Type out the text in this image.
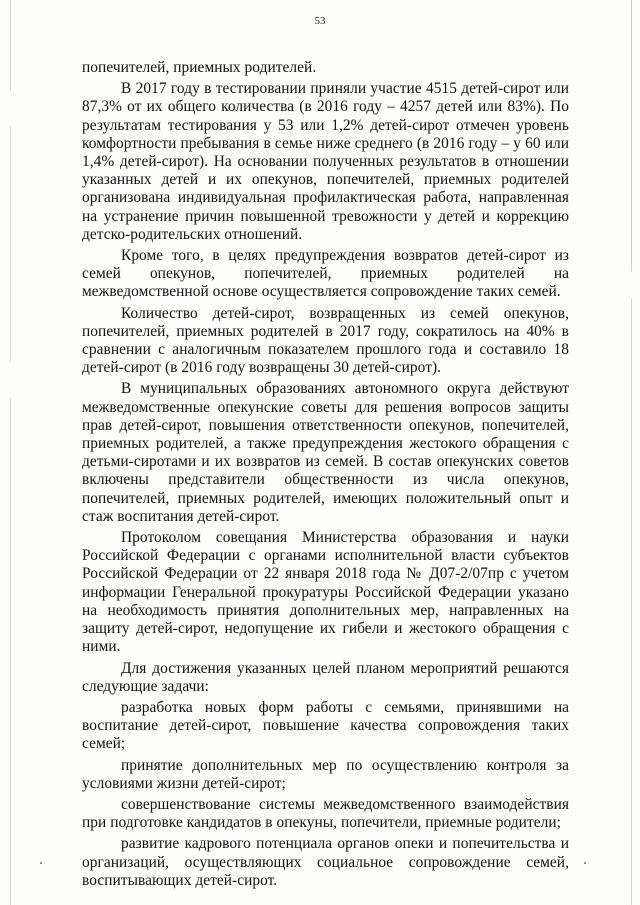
53

попечителей, приемных родителей.

В 2017 году в тестировании приняли участие 4515 детей-сирот или 87,3% от их общего количества (в 2016 году – 4257 детей или 83%). По результатам тестирования у 53 или 1,2% детей-сирот отмечен уровень комфортности пребывания в семье ниже среднего (в 2016 году – у 60 или 1,4% детей-сирот). На основании полученных результатов в отношении указанных детей и их опекунов, попечителей, приемных родителей организована индивидуальная профилактическая работа, направленная на устранение причин повышенной тревожности у детей и коррекцию детско-родительских отношений.

Кроме того, в целях предупреждения возвратов детей-сирот из семей опекунов, попечителей, приемных родителей на межведомственной основе осуществляется сопровождение таких семей.

Количество детей-сирот, возвращенных из семей опекунов, попечителей, приемных родителей в 2017 году, сократилось на 40% в сравнении с аналогичным показателем прошлого года и составило 18 детей-сирот (в 2016 году возвращены 30 детей-сирот).

В муниципальных образованиях автономного округа действуют межведомственные опекунские советы для решения вопросов защиты прав детей-сирот, повышения ответственности опекунов, попечителей, приемных родителей, а также предупреждения жестокого обращения с детьми-сиротами и их возвратов из семей. В состав опекунских советов включены представители общественности из числа опекунов, попечителей, приемных родителей, имеющих положительный опыт и стаж воспитания детей-сирот.

Протоколом совещания Министерства образования и науки Российской Федерации с органами исполнительной власти субъектов Российской Федерации от 22 января 2018 года № Д07-2/07пр с учетом информации Генеральной прокуратуры Российской Федерации указано на необходимость принятия дополнительных мер, направленных на защиту детей-сирот, недопущение их гибели и жестокого обращения с ними.

Для достижения указанных целей планом мероприятий решаются следующие задачи:

разработка новых форм работы с семьями, принявшими на воспитание детей-сирот, повышение качества сопровождения таких семей;

принятие дополнительных мер по осуществлению контроля за условиями жизни детей-сирот;

совершенствование системы межведомственного взаимодействия при подготовке кандидатов в опекуны, попечители, приемные родители;

развитие кадрового потенциала органов опеки и попечительства и организаций, осуществляющих социальное сопровождение семей, воспитывающих детей-сирот.
